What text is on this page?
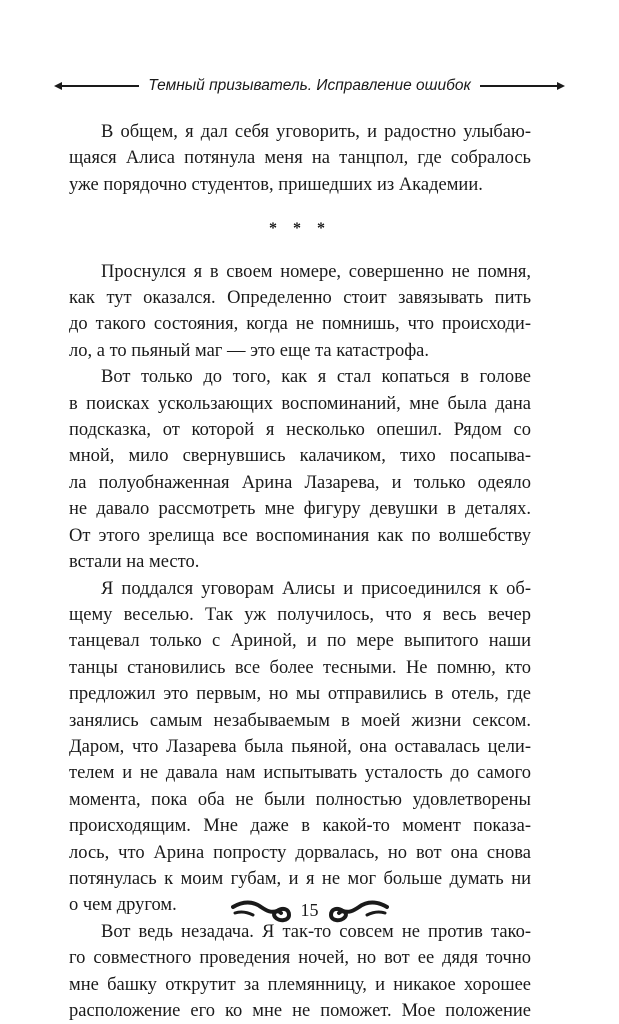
Темный призыватель. Исправление ошибок

В общем, я дал себя уговорить, и радостно улыбаю-
щаяся Алиса потянула меня на танцпол, где собралось
уже порядочно студентов, пришедших из Академии.

* * *

Проснулся я в своем номере, совершенно не помня,
как тут оказался. Определенно стоит завязывать пить
до такого состояния, когда не помнишь, что происходи-
ло, а то пьяный маг — это еще та катастрофа.

Вот только до того, как я стал копаться в голове
в поисках ускользающих воспоминаний, мне была дана
подсказка, от которой я несколько опешил. Рядом со
мной, мило свернувшись калачиком, тихо посапыва-
ла полуобнаженная Арина Лазарева, и только одеяло
не давало рассмотреть мне фигуру девушки в деталях.
От этого зрелища все воспоминания как по волшебству
встали на место.

Я поддался уговорам Алисы и присоединился к об-
щему веселью. Так уж получилось, что я весь вечер
танцевал только с Ариной, и по мере выпитого наши
танцы становились все более тесными. Не помню, кто
предложил это первым, но мы отправились в отель, где
занялись самым незабываемым в моей жизни сексом.
Даром, что Лазарева была пьяной, она оставалась цели-
телем и не давала нам испытывать усталость до самого
момента, пока оба не были полностью удовлетворены
происходящим. Мне даже в какой-то момент показа-
лось, что Арина попросту дорвалась, но вот она снова
потянулась к моим губам, и я не мог больше думать ни
о чем другом.

Вот ведь незадача. Я так-то совсем не против тако-
го совместного проведения ночей, но вот ее дядя точно
мне башку открутит за племянницу, и никакое хорошее
расположение его ко мне не поможет. Мое положение

15
